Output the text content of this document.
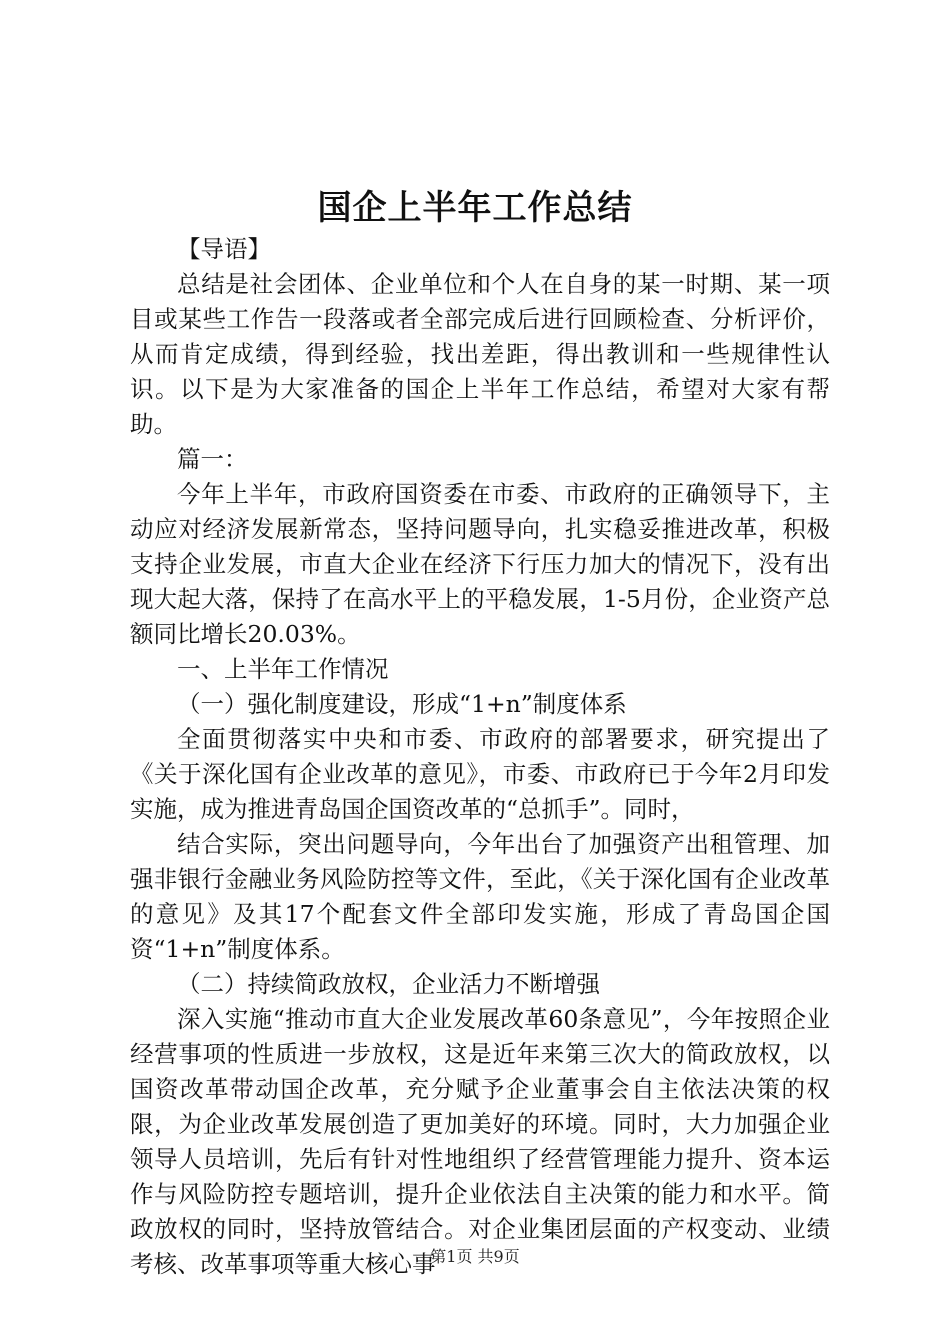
国企上半年工作总结

【导语】

总结是社会团体、企业单位和个人在自身的某一时期、某一项目或某些工作告一段落或者全部完成后进行回顾检查、分析评价，从而肯定成绩，得到经验，找出差距，得出教训和一些规律性认识。以下是为大家准备的国企上半年工作总结，希望对大家有帮助。

篇一：

今年上半年，市政府国资委在市委、市政府的正确领导下，主动应对经济发展新常态，坚持问题导向，扎实稳妥推进改革，积极支持企业发展，市直大企业在经济下行压力加大的情况下，没有出现大起大落，保持了在高水平上的平稳发展，1-5月份，企业资产总额同比增长20.03%。

一、上半年工作情况

（一）强化制度建设，形成“1+n”制度体系

全面贯彻落实中央和市委、市政府的部署要求，研究提出了《关于深化国有企业改革的意见》，市委、市政府已于今年2月印发实施，成为推进青岛国企国资改革的“总抓手”。同时，

结合实际，突出问题导向，今年出台了加强资产出租管理、加强非银行金融业务风险防控等文件，至此，《关于深化国有企业改革的意见》及其17个配套文件全部印发实施，形成了青岛国企国资“1+n”制度体系。

（二）持续简政放权，企业活力不断增强

深入实施“推动市直大企业发展改革60条意见”，今年按照企业经营事项的性质进一步放权，这是近年来第三次大的简政放权，以国资改革带动国企改革，充分赋予企业董事会自主依法决策的权限，为企业改革发展创造了更加美好的环境。同时，大力加强企业领导人员培训，先后有针对性地组织了经营管理能力提升、资本运作与风险防控专题培训，提升企业依法自主决策的能力和水平。简政放权的同时，坚持放管结合。对企业集团层面的产权变动、业绩考核、改革事项等重大核心事

第1页 共9页
